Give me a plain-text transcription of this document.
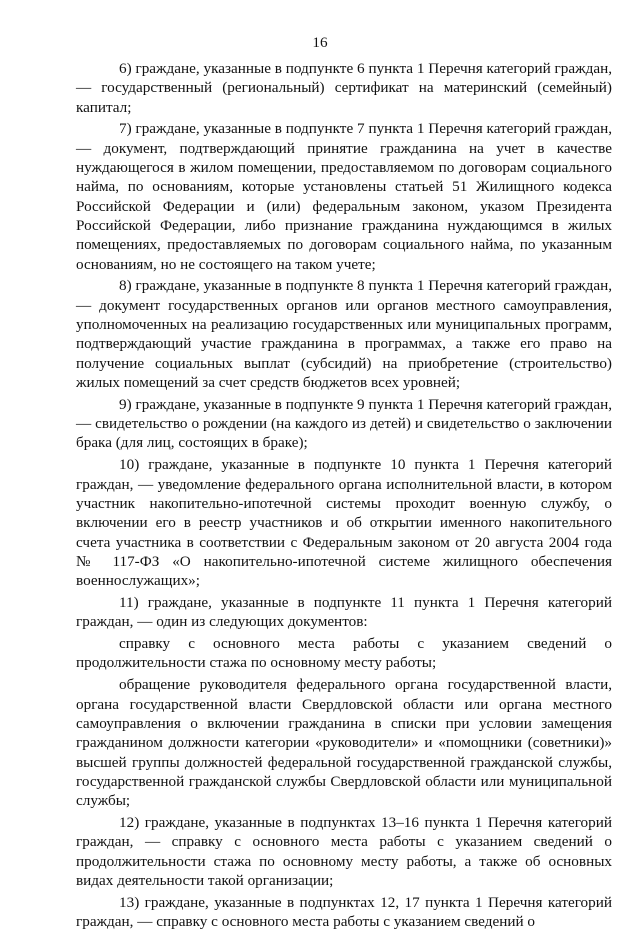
16

6) граждане, указанные в подпункте 6 пункта 1 Перечня категорий граждан, — государственный (региональный) сертификат на материнский (семейный) капитал;

7) граждане, указанные в подпункте 7 пункта 1 Перечня категорий граждан, — документ, подтверждающий принятие гражданина на учет в качестве нуждающегося в жилом помещении, предоставляемом по договорам социального найма, по основаниям, которые установлены статьей 51 Жилищного кодекса Российской Федерации и (или) федеральным законом, указом Президента Российской Федерации, либо признание гражданина нуждающимся в жилых помещениях, предоставляемых по договорам социального найма, по указанным основаниям, но не состоящего на таком учете;

8) граждане, указанные в подпункте 8 пункта 1 Перечня категорий граждан, — документ государственных органов или органов местного самоуправления, уполномоченных на реализацию государственных или муниципальных программ, подтверждающий участие гражданина в программах, а также его право на получение социальных выплат (субсидий) на приобретение (строительство) жилых помещений за счет средств бюджетов всех уровней;

9) граждане, указанные в подпункте 9 пункта 1 Перечня категорий граждан, — свидетельство о рождении (на каждого из детей) и свидетельство о заключении брака (для лиц, состоящих в браке);

10) граждане, указанные в подпункте 10 пункта 1 Перечня категорий граждан, — уведомление федерального органа исполнительной власти, в котором участник накопительно-ипотечной системы проходит военную службу, о включении его в реестр участников и об открытии именного накопительного счета участника в соответствии с Федеральным законом от 20 августа 2004 года № 117-ФЗ «О накопительно-ипотечной системе жилищного обеспечения военнослужащих»;

11) граждане, указанные в подпункте 11 пункта 1 Перечня категорий граждан, — один из следующих документов:

справку с основного места работы с указанием сведений о продолжительности стажа по основному месту работы;

обращение руководителя федерального органа государственной власти, органа государственной власти Свердловской области или органа местного самоуправления о включении гражданина в списки при условии замещения гражданином должности категории «руководители» и «помощники (советники)» высшей группы должностей федеральной государственной гражданской службы, государственной гражданской службы Свердловской области или муниципальной службы;

12) граждане, указанные в подпунктах 13–16 пункта 1 Перечня категорий граждан, — справку с основного места работы с указанием сведений о продолжительности стажа по основному месту работы, а также об основных видах деятельности такой организации;

13) граждане, указанные в подпунктах 12, 17 пункта 1 Перечня категорий граждан, — справку с основного места работы с указанием сведений о
